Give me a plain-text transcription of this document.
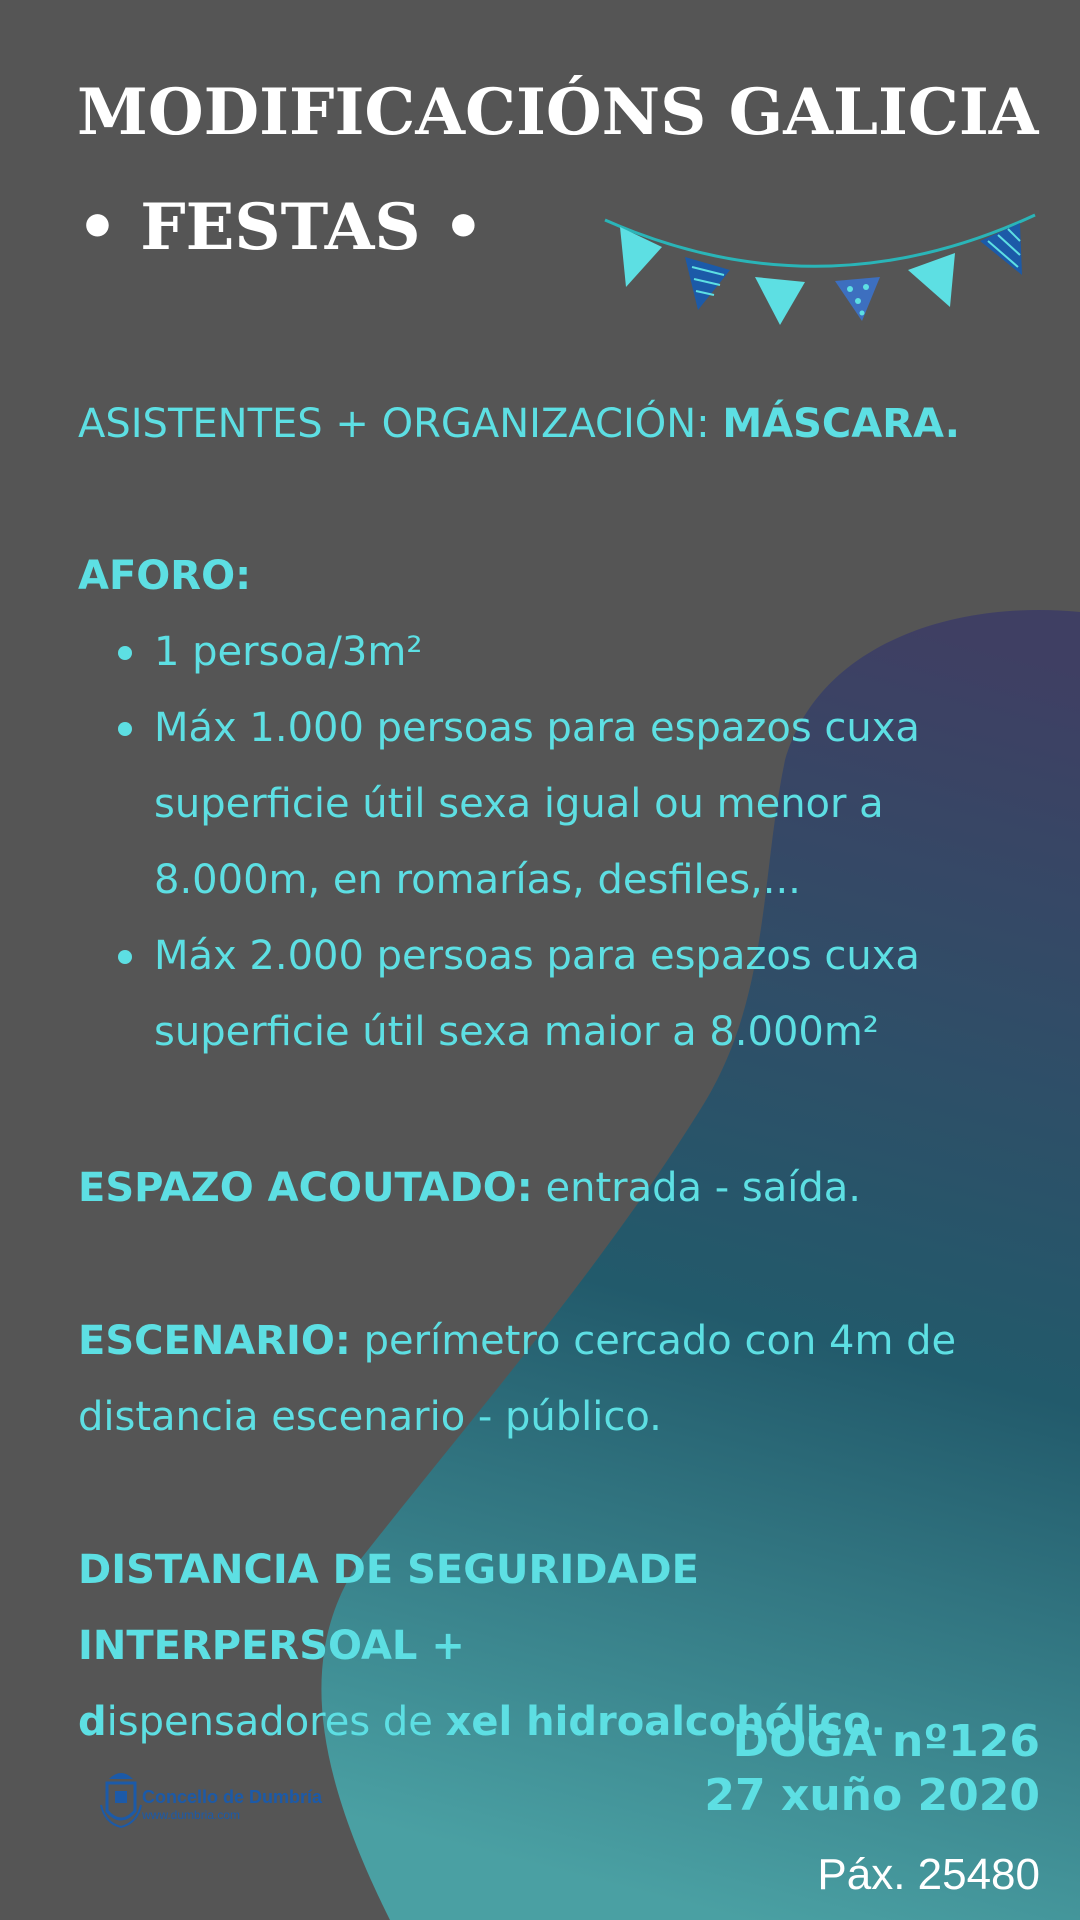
MODIFICACIÓNS GALICIA
• FESTAS •
ASISTENTES + ORGANIZACIÓN: MÁSCARA.
AFORO:
1 persoa/3m²
Máx 1.000 persoas para espazos cuxa superficie útil sexa igual ou menor a 8.000m, en romarías, desfiles,...
Máx 2.000 persoas para espazos cuxa superficie útil sexa maior a 8.000m²
ESPAZO ACOUTADO: entrada - saída.
ESCENARIO: perímetro cercado con 4m de distancia escenario - público.
DISTANCIA DE SEGURIDADE INTERPERSOAL +
dispensadores de xel hidroalcohólico.
DOGA nº126
27 xuño 2020
Páx. 25480
Concello de Dumbría
www.dumbria.com
